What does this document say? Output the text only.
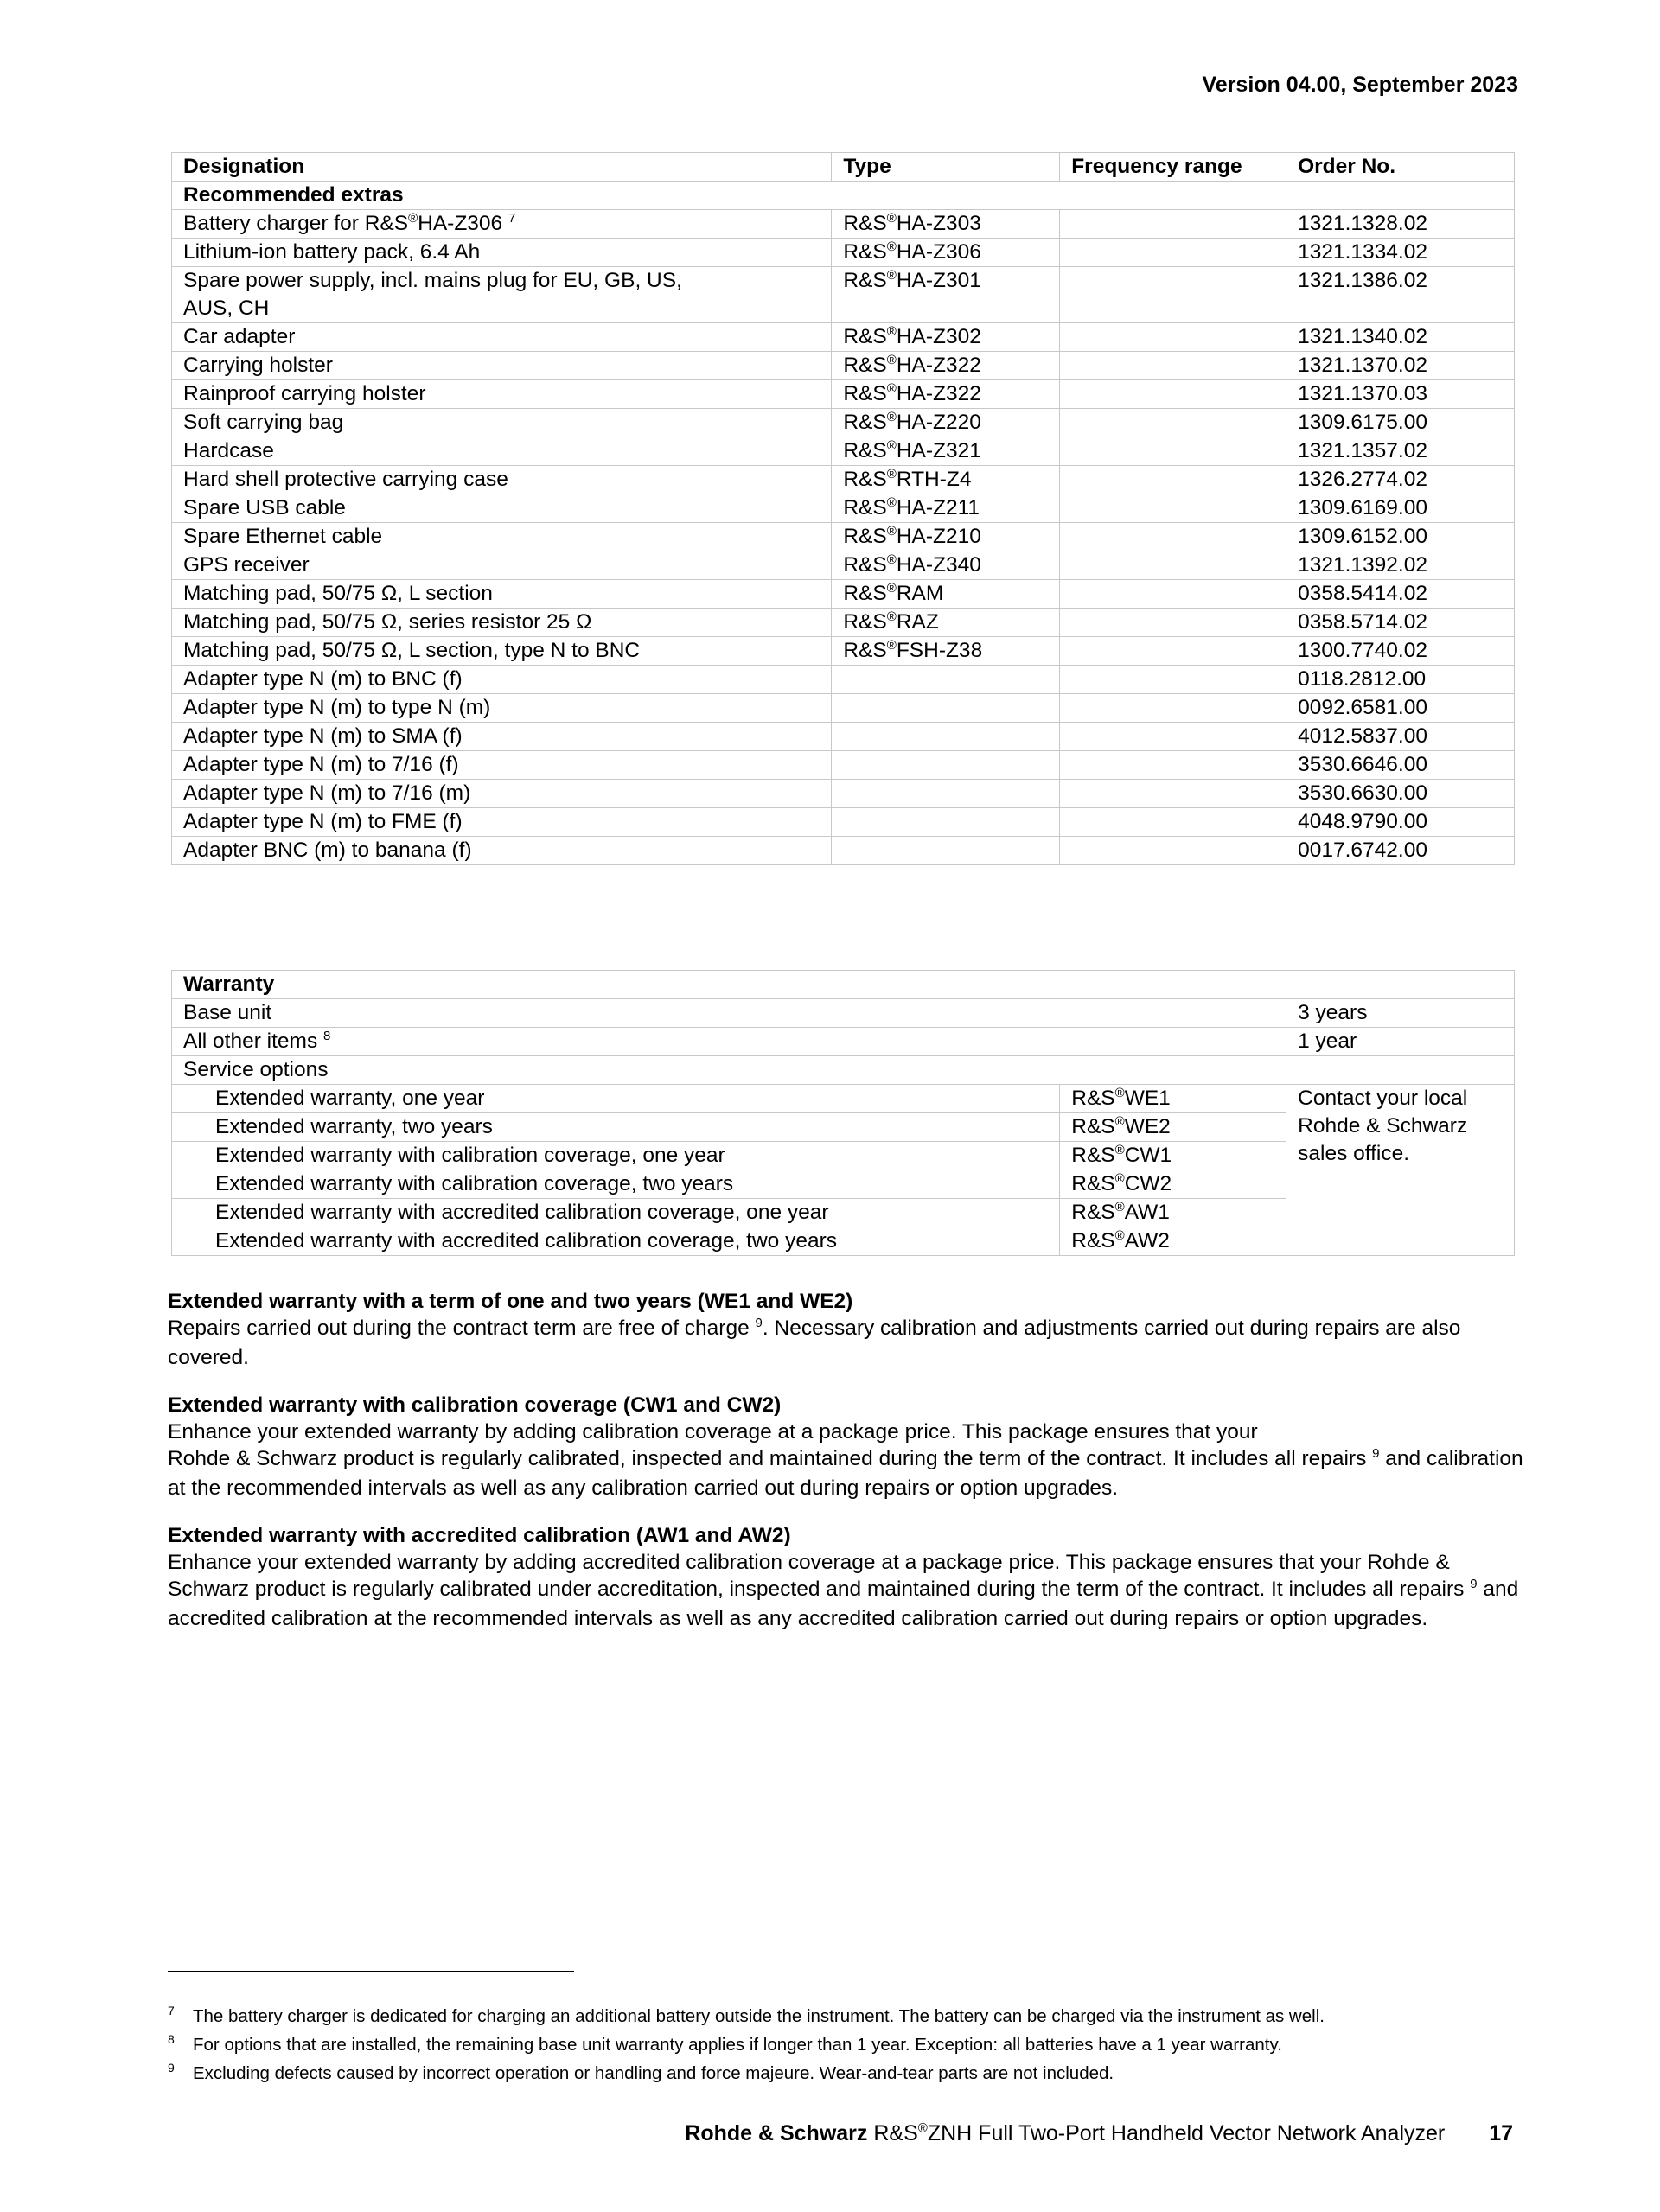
Version 04.00, September 2023
Designation	Type	Frequency range	Order No.
Recommended extras			
Battery charger for R&S®HA-Z306 $^7$	R&S®HA-Z303		1321.1328.02
Lithium-ion battery pack, 6.4 Ah	R&S®HA-Z306		1321.1334.02
Spare power supply, incl. mains plug for EU, GB, US,
AUS, CH	R&S®HA-Z301		1321.1386.02
Car adapter	R&S®HA-Z302		1321.1340.02
Carrying holster	R&S®HA-Z322		1321.1370.02
Rainproof carrying holster	R&S®HA-Z322		1321.1370.03
Soft carrying bag	R&S®HA-Z220		1309.6175.00
Hardcase	R&S®HA-Z321		1321.1357.02
Hard shell protective carrying case	R&S®RTH-Z4		1326.2774.02
Spare USB cable	R&S®HA-Z211		1309.6169.00
Spare Ethernet cable	R&S®HA-Z210		1309.6152.00
GPS receiver	R&S®HA-Z340		1321.1392.02
Matching pad, 50/75 Ω, L section	R&S®RAM		0358.5414.02
Matching pad, 50/75 Ω, series resistor 25 Ω	R&S®RAZ		0358.5714.02
Matching pad, 50/75 Ω, L section, type N to BNC	R&S®FSH-Z38		1300.7740.02
Adapter type N (m) to BNC (f)			0118.2812.00
Adapter type N (m) to type N (m)			0092.6581.00
Adapter type N (m) to SMA (f)			4012.5837.00
Adapter type N (m) to 7/16 (f)			3530.6646.00
Adapter type N (m) to 7/16 (m)			3530.6630.00
Adapter type N (m) to FME (f)			4048.9790.00
Adapter BNC (m) to banana (f)			0017.6742.00
Warranty		
Base unit		3 years
All other items $^8$		1 year
Service options		
Extended warranty, one year	R&S®WE1	Contact your local
Rohde & Schwarz
sales office.

Extended warranty, two years	R&S®WE2	
Extended warranty with calibration coverage, one year	R&S®CW1	
Extended warranty with calibration coverage, two years	R&S®CW2	
Extended warranty with accredited calibration coverage, one year	R&S®AW1	
Extended warranty with accredited calibration coverage, two years	R&S®AW2	
Extended warranty with a term of one and two years (WE1 and WE2)
Repairs carried out during the contract term are free of charge $^9$. Necessary calibration and adjustments carried out during repairs are also covered.
Extended warranty with calibration coverage (CW1 and CW2)
Enhance your extended warranty by adding calibration coverage at a package price. This package ensures that your
Rohde & Schwarz product is regularly calibrated, inspected and maintained during the term of the contract. It includes all repairs $^9$ and calibration at the recommended intervals as well as any calibration carried out during repairs or option upgrades.
Extended warranty with accredited calibration (AW1 and AW2)
Enhance your extended warranty by adding accredited calibration coverage at a package price. This package ensures that your Rohde & Schwarz product is regularly calibrated under accreditation, inspected and maintained during the term of the contract. It includes all repairs $^9$ and accredited calibration at the recommended intervals as well as any accredited calibration carried out during repairs or option upgrades.
7 The battery charger is dedicated for charging an additional battery outside the instrument. The battery can be charged via the instrument as well.
8 For options that are installed, the remaining base unit warranty applies if longer than 1 year. Exception: all batteries have a 1 year warranty.
9 Excluding defects caused by incorrect operation or handling and force majeure. Wear-and-tear parts are not included.
Rohde & Schwarz R&S®ZNH Full Two-Port Handheld Vector Network Analyzer 17
